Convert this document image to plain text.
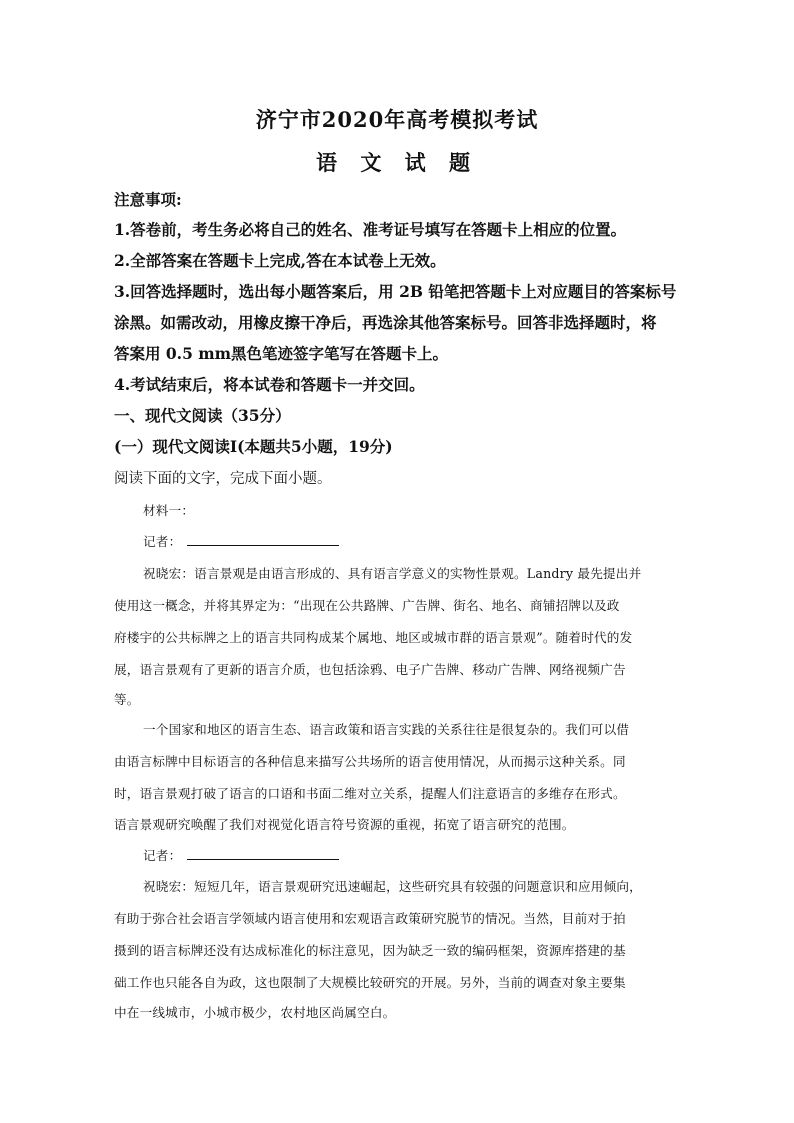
济宁市2020年高考模拟考试
语 文 试 题
注意事项:
1.答卷前，考生务必将自己的姓名、准考证号填写在答题卡上相应的位置。
2.全部答案在答题卡上完成,答在本试卷上无效。
3.回答选择题时，选出每小题答案后，用 2B 铅笔把答题卡上对应题目的答案标号
涂黑。如需改动，用橡皮擦干净后，再选涂其他答案标号。回答非选择题时，将
答案用 0.5 mm黑色笔迹签字笔写在答题卡上。
4.考试结束后，将本试卷和答题卡一并交回。
一、现代文阅读（35分）
(一）现代文阅读Ⅰ(本题共5小题，19分)
阅读下面的文字，完成下面小题。
材料一：
记者：
祝晓宏：语言景观是由语言形成的、具有语言学意义的实物性景观。Landry 最先提出并
使用这一概念，并将其界定为：“出现在公共路牌、广告牌、街名、地名、商铺招牌以及政
府楼宇的公共标牌之上的语言共同构成某个属地、地区或城市群的语言景观”。随着时代的发
展，语言景观有了更新的语言介质，也包括涂鸦、电子广告牌、移动广告牌、网络视频广告
等。
一个国家和地区的语言生态、语言政策和语言实践的关系往往是很复杂的。我们可以借
由语言标牌中目标语言的各种信息来描写公共场所的语言使用情况，从而揭示这种关系。同
时，语言景观打破了语言的口语和书面二维对立关系，提醒人们注意语言的多维存在形式。
语言景观研究唤醒了我们对视觉化语言符号资源的重视，拓宽了语言研究的范围。
记者：
祝晓宏：短短几年，语言景观研究迅速崛起，这些研究具有较强的问题意识和应用倾向，
有助于弥合社会语言学领域内语言使用和宏观语言政策研究脱节的情况。当然，目前对于拍
摄到的语言标牌还没有达成标准化的标注意见，因为缺乏一致的编码框架，资源库搭建的基
础工作也只能各自为政，这也限制了大规模比较研究的开展。另外，当前的调查对象主要集
中在一线城市，小城市极少，农村地区尚属空白。
